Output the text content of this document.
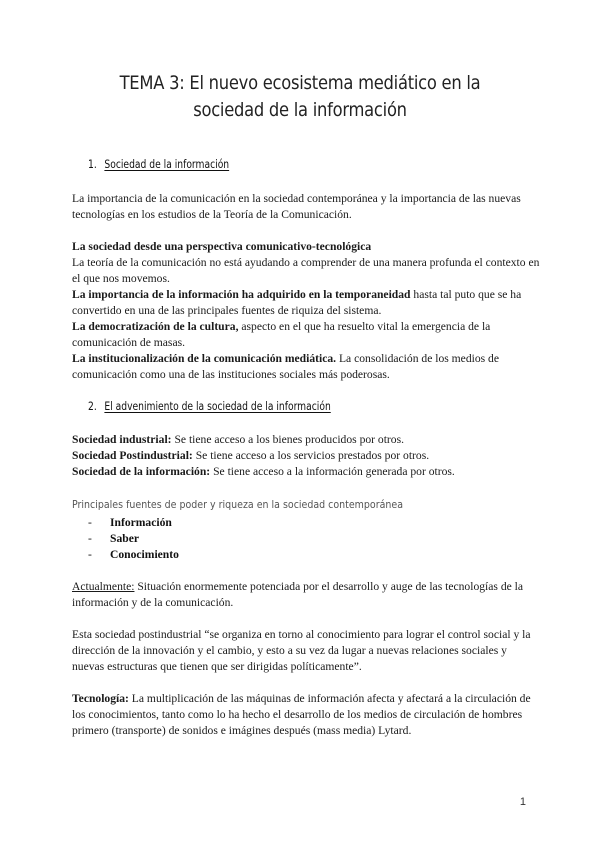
TEMA 3: El nuevo ecosistema mediático en la sociedad de la información
1. Sociedad de la información
La importancia de la comunicación en la sociedad contemporánea y la importancia de las nuevas tecnologías en los estudios de la Teoría de la Comunicación.
La sociedad desde una perspectiva comunicativo-tecnológica
La teoría de la comunicación no está ayudando a comprender de una manera profunda el contexto en el que nos movemos.
La importancia de la información ha adquirido en la temporaneidad hasta tal puto que se ha convertido en una de las principales fuentes de riquiza del sistema.
La democratización de la cultura, aspecto en el que ha resuelto vital la emergencia de la comunicación de masas.
La institucionalización de la comunicación mediática. La consolidación de los medios de comunicación como una de las instituciones sociales más poderosas.
2. El advenimiento de la sociedad de la información
Sociedad industrial: Se tiene acceso a los bienes producidos por otros.
Sociedad Postindustrial: Se tiene acceso a los servicios prestados por otros.
Sociedad de la información: Se tiene acceso a la información generada por otros.
Principales fuentes de poder y riqueza en la sociedad contemporánea
- Información
- Saber
- Conocimiento
Actualmente: Situación enormemente potenciada por el desarrollo y auge de las tecnologías de la información y de la comunicación.
Esta sociedad postindustrial “se organiza en torno al conocimiento para lograr el control social y la dirección de la innovación y el cambio, y esto a su vez da lugar a nuevas relaciones sociales y nuevas estructuras que tienen que ser dirigidas políticamente”.
Tecnología: La multiplicación de las máquinas de información afecta y afectará a la circulación de los conocimientos, tanto como lo ha hecho el desarrollo de los medios de circulación de hombres primero (transporte) de sonidos e imágines después (mass media) Lytard.
1
